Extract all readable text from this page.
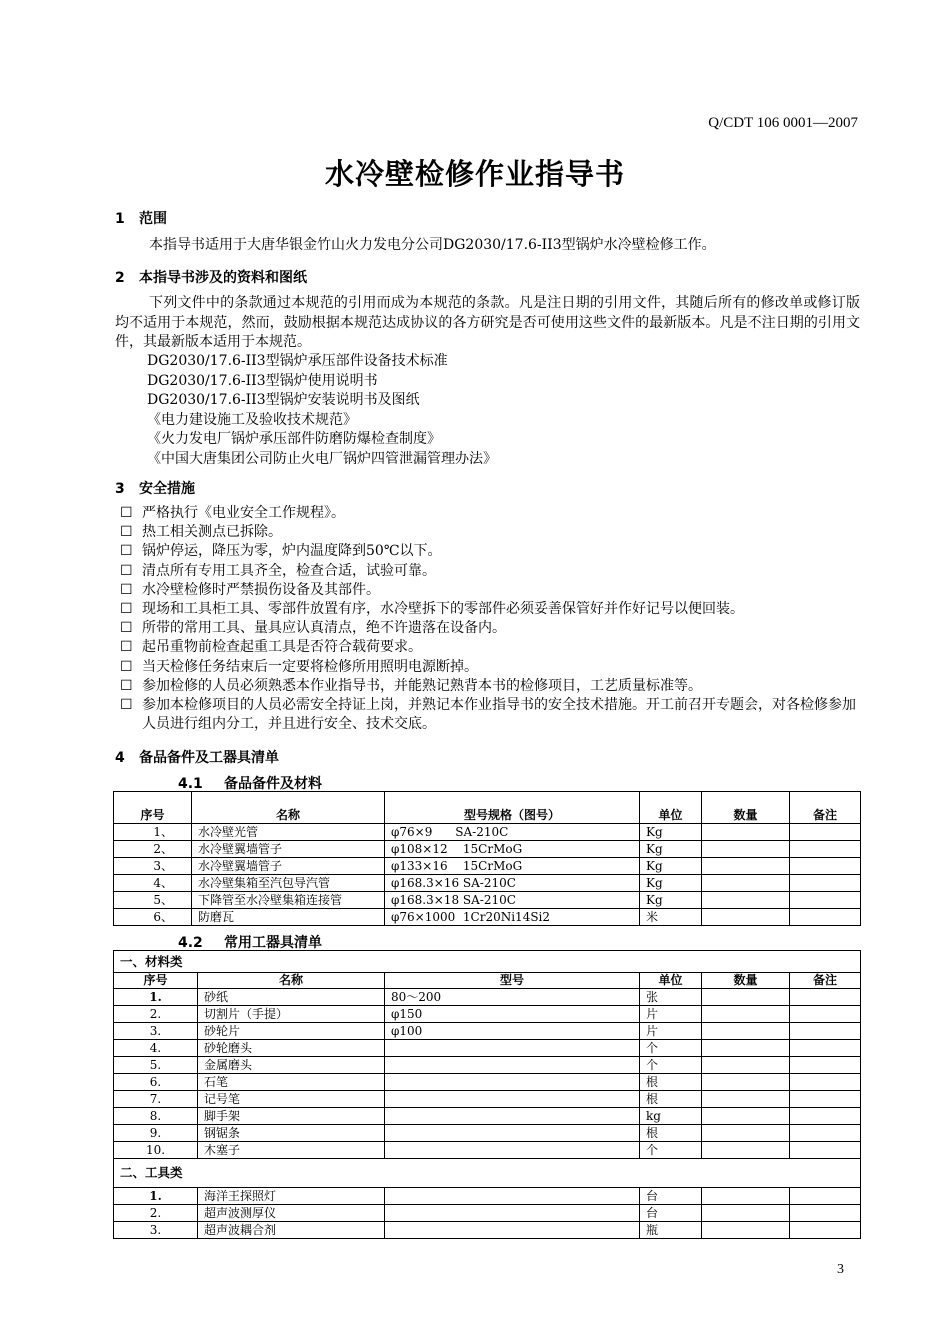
Q/CDT 106 0001—2007
水冷壁检修作业指导书
1 范围
本指导书适用于大唐华银金竹山火力发电分公司DG2030/17.6-II3型锅炉水冷壁检修工作。
2 本指导书涉及的资料和图纸
下列文件中的条款通过本规范的引用而成为本规范的条款。凡是注日期的引用文件，其随后所有的修改单或修订版均不适用于本规范，然而，鼓励根据本规范达成协议的各方研究是否可使用这些文件的最新版本。凡是不注日期的引用文件，其最新版本适用于本规范。
DG2030/17.6-II3型锅炉承压部件设备技术标准
DG2030/17.6-II3型锅炉使用说明书
DG2030/17.6-II3型锅炉安装说明书及图纸
《电力建设施工及验收技术规范》
《火力发电厂锅炉承压部件防磨防爆检查制度》
《中国大唐集团公司防止火电厂锅炉四管泄漏管理办法》
3 安全措施
☐ 严格执行《电业安全工作规程》。
☐ 热工相关测点已拆除。
☐ 锅炉停运，降压为零，炉内温度降到50℃以下。
☐ 清点所有专用工具齐全，检查合适，试验可靠。
☐ 水冷壁检修时严禁损伤设备及其部件。
☐ 现场和工具柜工具、零部件放置有序，水冷壁拆下的零部件必须妥善保管好并作好记号以便回装。
☐ 所带的常用工具、量具应认真清点，绝不许遗落在设备内。
☐ 起吊重物前检查起重工具是否符合载荷要求。
☐ 当天检修任务结束后一定要将检修所用照明电源断掉。
☐ 参加检修的人员必须熟悉本作业指导书，并能熟记熟背本书的检修项目，工艺质量标准等。
☐ 参加本检修项目的人员必需安全持证上岗，并熟记本作业指导书的安全技术措施。开工前召开专题会，对各检修参加人员进行组内分工，并且进行安全、技术交底。
4 备品备件及工器具清单
4.1 备品备件及材料

序号	名称	型号规格（图号）	单位	数量	备注
1、	水冷壁光管	φ76×9      SA-210C	Kg		
2、	水冷壁翼墙管子	φ108×12    15CrMoG	Kg		
3、	水冷壁翼墙管子	φ133×16    15CrMoG	Kg		
4、	水冷壁集箱至汽包导汽管	φ168.3×16 SA-210C	Kg		
5、	下降管至水冷壁集箱连接管	φ168.3×18 SA-210C	Kg		
6、	防磨瓦	φ76×1000  1Cr20Ni14Si2	米		
4.2 常用工器具清单
一、材料类					
序号	名称	型号	单位	数量	备注
1.	砂纸	80～200	张		
2.	切割片（手提）	φ150	片		
3.	砂轮片	φ100	片		
4.	砂轮磨头		个		
5.	金属磨头		个		
6.	石笔		根		
7.	记号笔		根		
8.	脚手架		kg		
9.	钢锯条		根		
10.	木塞子		个		
二、工具类					
1.	海洋王探照灯		台		
2.	超声波测厚仪		台		
3.	超声波耦合剂		瓶		
3
